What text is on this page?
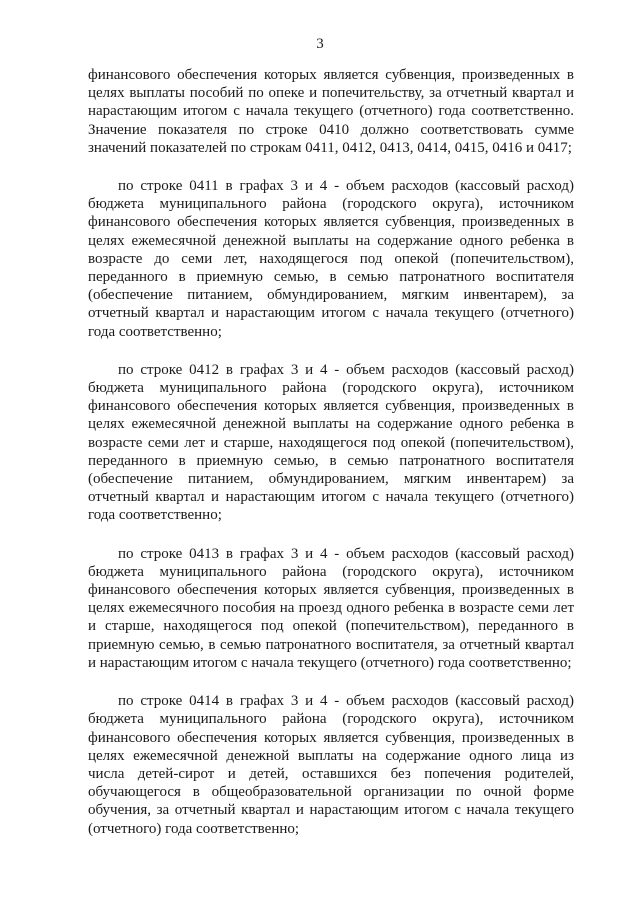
3

финансового обеспечения которых является субвенция, произведенных в целях выплаты пособий по опеке и попечительству, за отчетный квартал и нарастающим итогом с начала текущего (отчетного) года соответственно. Значение показателя по строке 0410 должно соответствовать сумме значений показателей по строкам 0411, 0412, 0413, 0414, 0415, 0416 и 0417;

по строке 0411 в графах 3 и 4 - объем расходов (кассовый расход) бюджета муниципального района (городского округа), источником финансового обеспечения которых является субвенция, произведенных в целях ежемесячной денежной выплаты на содержание одного ребенка в возрасте до семи лет, находящегося под опекой (попечительством), переданного в приемную семью, в семью патронатного воспитателя (обеспечение питанием, обмундированием, мягким инвентарем), за отчетный квартал и нарастающим итогом с начала текущего (отчетного) года соответственно;

по строке 0412 в графах 3 и 4 - объем расходов (кассовый расход) бюджета муниципального района (городского округа), источником финансового обеспечения которых является субвенция, произведенных в целях ежемесячной денежной выплаты на содержание одного ребенка в возрасте семи лет и старше, находящегося под опекой (попечительством), переданного в приемную семью, в семью патронатного воспитателя (обеспечение питанием, обмундированием, мягким инвентарем) за отчетный квартал и нарастающим итогом с начала текущего (отчетного) года соответственно;

по строке 0413 в графах 3 и 4 - объем расходов (кассовый расход) бюджета муниципального района (городского округа), источником финансового обеспечения которых является субвенция, произведенных в целях ежемесячного пособия на проезд одного ребенка в возрасте семи лет и старше, находящегося под опекой (попечительством), переданного в приемную семью, в семью патронатного воспитателя, за отчетный квартал и нарастающим итогом с начала текущего (отчетного) года соответственно;

по строке 0414 в графах 3 и 4 - объем расходов (кассовый расход) бюджета муниципального района (городского округа), источником финансового обеспечения которых является субвенция, произведенных в целях ежемесячной денежной выплаты на содержание одного лица из числа детей-сирот и детей, оставшихся без попечения родителей, обучающегося в общеобразовательной организации по очной форме обучения, за отчетный квартал и нарастающим итогом с начала текущего (отчетного) года соответственно;
